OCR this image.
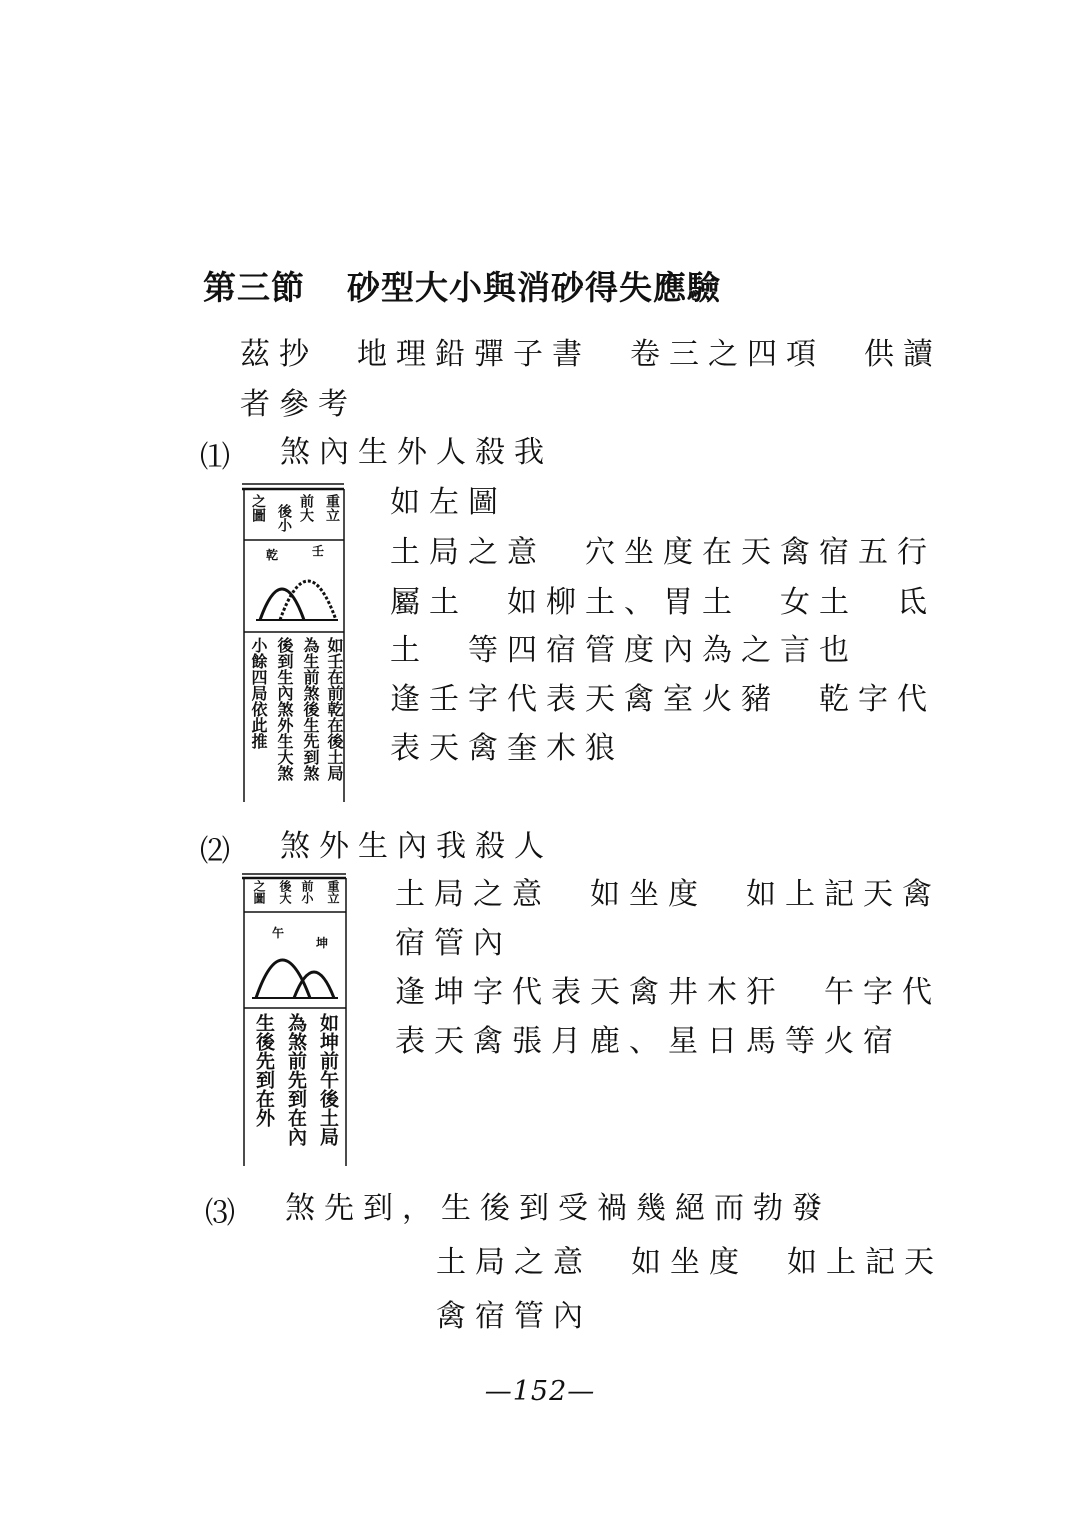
第三節 砂型大小與消砂得失應驗

茲抄　地理鉛彈子書　卷三之四項　供讀

者參考

⑴ 煞內生外人殺我

重立
前大
後小
之圖
乾	壬
如壬在前乾在後土局
為生前煞後生先到煞
後到生內煞外生大煞
小餘四局依此推

如左圖

土局之意　穴坐度在天禽宿五行

屬土　如柳土、胃土　女土　氐

土　等四宿管度內為之言也

逢壬字代表天禽室火豬　乾字代

表天禽奎木狼

⑵ 煞外生內我殺人

重立
前小
後大
之圖
午
坤
如坤前午後土局
為煞前先到在內
生後先到在外

土局之意　如坐度　如上記天禽

宿管內

逢坤字代表天禽井木犴　午字代

表天禽張月鹿、星日馬等火宿

⑶ 煞先到，生後到受禍幾絕而勃發

土局之意　如坐度　如上記天

禽宿管內

—152—
